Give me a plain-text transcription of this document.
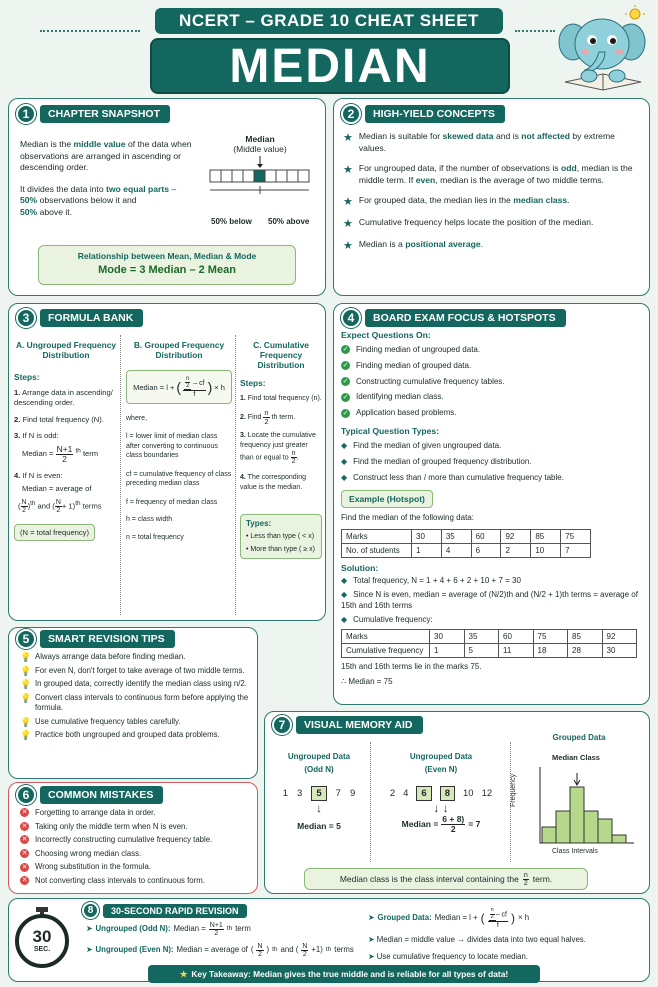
NCERT – GRADE 10 CHEAT SHEET
MEDIAN
1	CHAPTER SNAPSHOT

Median is the middle value of the data when observations are arranged in ascending or descending order.

It divides the data into two equal parts –
50% observations below it and
50% above it.

Median
(Middle value)
50% below 50% above
Relationship between Mean, Median & Mode
Mode = 3 Median – 2 Mean
2	HIGH-YIELD CONCEPTS
★ Median is suitable for skewed data and is not affected by extreme values.

★ For ungrouped data, if the number of observations is odd, median is the middle term. If even, median is the average of two middle terms.

★ For grouped data, the median lies in the median class.

★ Cumulative frequency helps locate the position of the median.

★ Median is a positional average.

3	FORMULA BANK
A. Ungrouped Frequency Distribution
Steps:

1. Arrange data in ascending/ descending order.

2. Find total frequency (N).

3. If N is odd:

Median = $\frac{N+1}{2} ^{th}$ term

4. If N is even:

Median = average of

( $\frac{N}{2} )^{th}$ and ( $\frac{N}{2} + 1)^{th}$ terms

(N = total frequency)
B. Grouped Frequency Distribution
Median = l + ( $\frac{\frac{n}{2} - cf}{f}$ ) × h

where,

l = lower limit of median class after converting to continuous class boundaries

cf = cumulative frequency of class preceding median class

f = frequency of median class

h = class width

n = total frequency

C. Cumulative Frequency Distribution
Steps:

1. Find total frequency (n).

2. Find $\frac{n}{2}$ th term.

3. Locate the cumulative frequency just greater than or equal to $\frac{n}{2}$ .

4. The corresponding value is the median.

Types:

• Less than type ( < x)

• More than type ( ≥ x)

4	BOARD EXAM FOCUS & HOTSPOTS
Expect Questions On:

✓ Finding median of ungrouped data.

✓ Finding median of grouped data.

✓ Constructing cumulative frequency tables.

✓ Identifying median class.

✓ Application based problems.

Typical Question Types:

◆ Find the median of given ungrouped data.

◆ Find the median of grouped frequency distribution.

◆ Construct less than / more than cumulative frequency table.

Example (Hotspot)

Find the median of the following data:

Marks	30	35	60	92	85	75
No. of students	1	4	6	2	10	7
Solution:

◆ Total frequency, N = 1 + 4 + 6 + 2 + 10 + 7 = 30

◆ Since N is even, median = average of (N/2)th and (N/2 + 1)th terms = average of 15th and 16th terms

◆ Cumulative frequency:

Marks	30	35	60	75	85	92
Cumulative frequency	1	5	11	18	28	30

15th and 16th terms lie in the marks 75.

∴ Median = 75

5	SMART REVISION TIPS
💡 Always arrange data before finding median.

💡 For even N, don't forget to take average of two middle terms.

💡 In grouped data, correctly identify the median class using n/2.

💡 Convert class intervals to continuous form before applying the formula.

💡 Use cumulative frequency tables carefully.

💡 Practice both ungrouped and grouped data problems.

6	COMMON MISTAKES

✕ Forgetting to arrange data in order.

✕ Taking only the middle term when N is even.

✕ Incorrectly constructing cumulative frequency table.

✕ Choosing wrong median class.

✕ Wrong substitution in the formula.

✕ Not converting class intervals to continuous form.

7	VISUAL MEMORY AID
Ungrouped Data
(Odd N)
1 3	5	7 9
↓
Median = 5
Ungrouped Data
(Even N)
2 4	6	8	10 12
↓ ↓
Median = $\frac{6 + 8)}{2} = 7$
Grouped Data
Median Class
Frequency
Class Intervals
Median class is the class interval containing the $\frac{n}{2}$ term.
30
SEC.
8	30-SECOND RAPID REVISION

➤ Ungrouped (Odd N): Median = $\frac{N+1}{2}$ th term

➤ Ungrouped (Even N): Median = average of ( $\frac{N}{2}$ ) th and ( $\frac{N}{2} +1$) th terms

➤ Grouped Data: Median = l + ( $\frac{\frac{n}{2} - cf}{f}$ ) × h

➤ Median = middle value → divides data into two equal halves.

➤ Use cumulative frequency to locate median.

★ Key Takeaway: Median gives the true middle and is reliable for all types of data!
